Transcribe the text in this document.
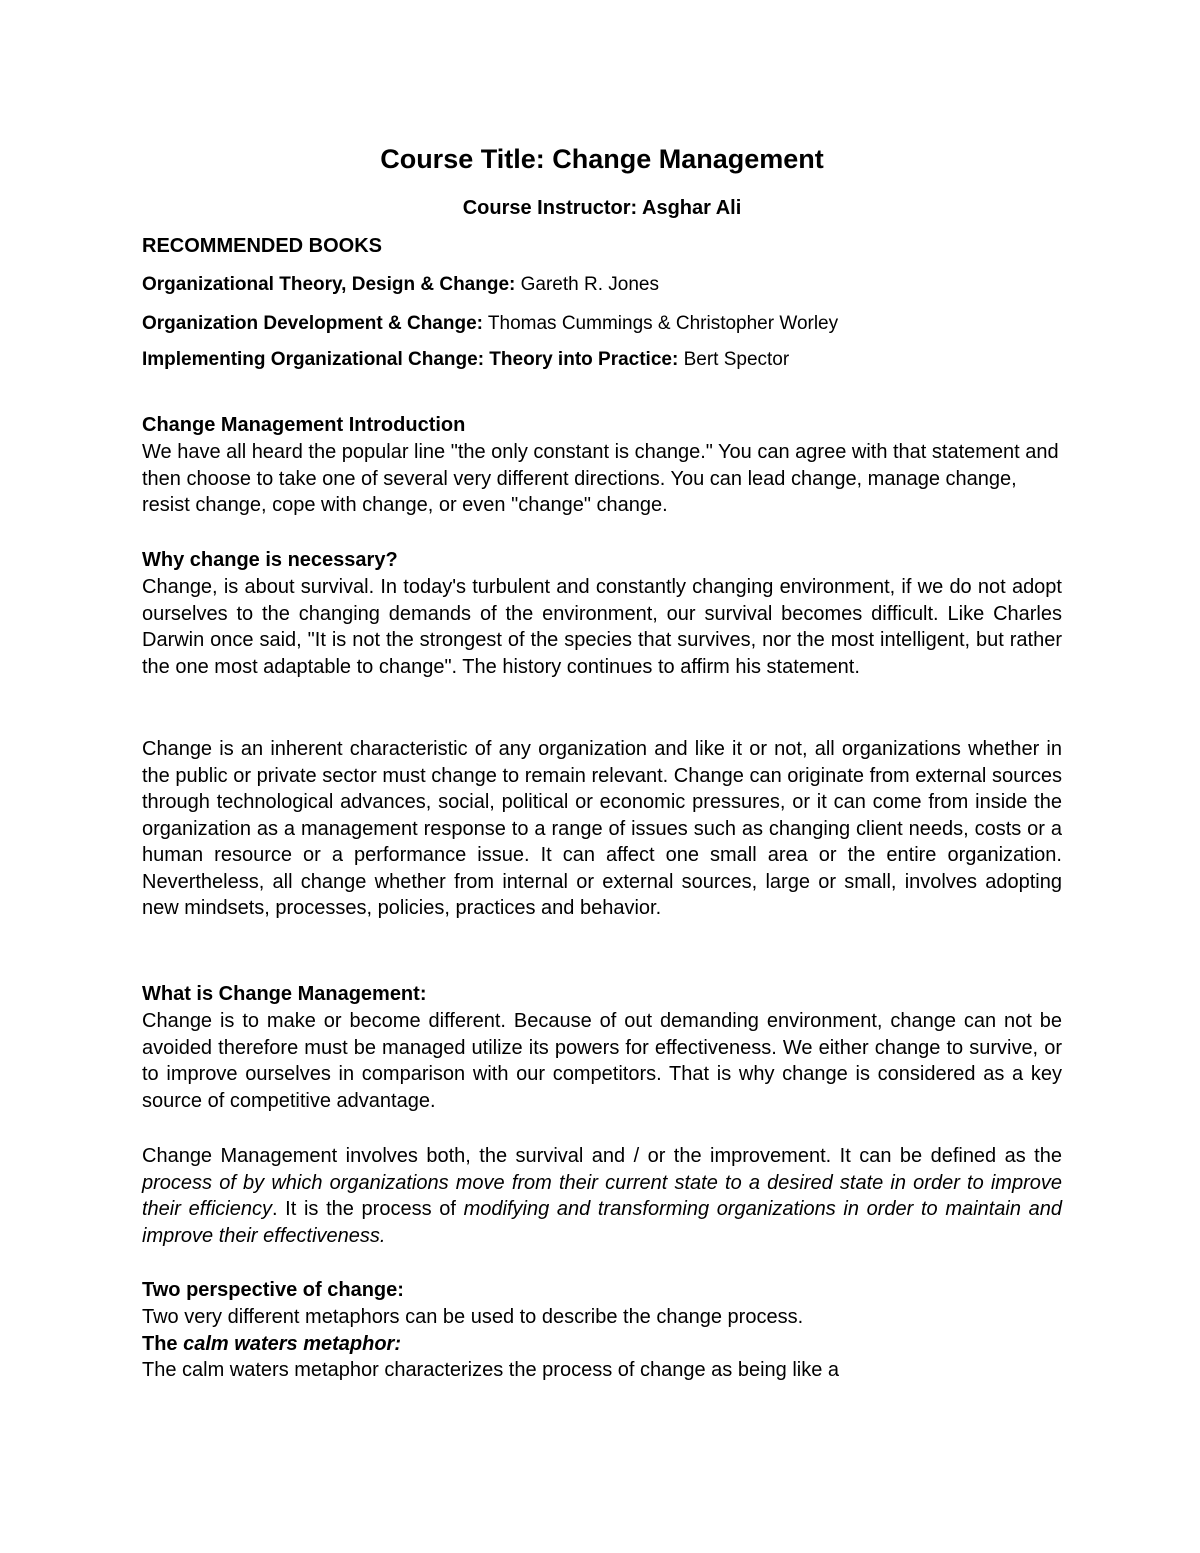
Course Title: Change Management
Course Instructor: Asghar Ali
RECOMMENDED BOOKS
Organizational Theory, Design & Change: Gareth R. Jones
Organization Development & Change: Thomas Cummings & Christopher Worley
Implementing Organizational Change: Theory into Practice: Bert Spector
Change Management Introduction

We have all heard the popular line "the only constant is change." You can agree with that statement and then choose to take one of several very different directions. You can lead change, manage change, resist change, cope with change, or even "change" change.

Why change is necessary?

Change, is about survival. In today's turbulent and constantly changing environment, if we do not adopt ourselves to the changing demands of the environment, our survival becomes difficult. Like Charles Darwin once said, "It is not the strongest of the species that survives, nor the most intelligent, but rather the one most adaptable to change". The history continues to affirm his statement.

Change is an inherent characteristic of any organization and like it or not, all organizations whether in the public or private sector must change to remain relevant. Change can originate from external sources through technological advances, social, political or economic pressures, or it can come from inside the organization as a management response to a range of issues such as changing client needs, costs or a human resource or a performance issue. It can affect one small area or the entire organization. Nevertheless, all change whether from internal or external sources, large or small, involves adopting new mindsets, processes, policies, practices and behavior.

What is Change Management:

Change is to make or become different. Because of out demanding environment, change can not be avoided therefore must be managed utilize its powers for effectiveness. We either change to survive, or to improve ourselves in comparison with our competitors. That is why change is considered as a key source of competitive advantage.

Change Management involves both, the survival and / or the improvement. It can be defined as the process of by which organizations move from their current state to a desired state in order to improve their efficiency. It is the process of modifying and transforming organizations in order to maintain and improve their effectiveness.

Two perspective of change:

Two very different metaphors can be used to describe the change process.

The calm waters metaphor:

The calm waters metaphor characterizes the process of change as being like a
